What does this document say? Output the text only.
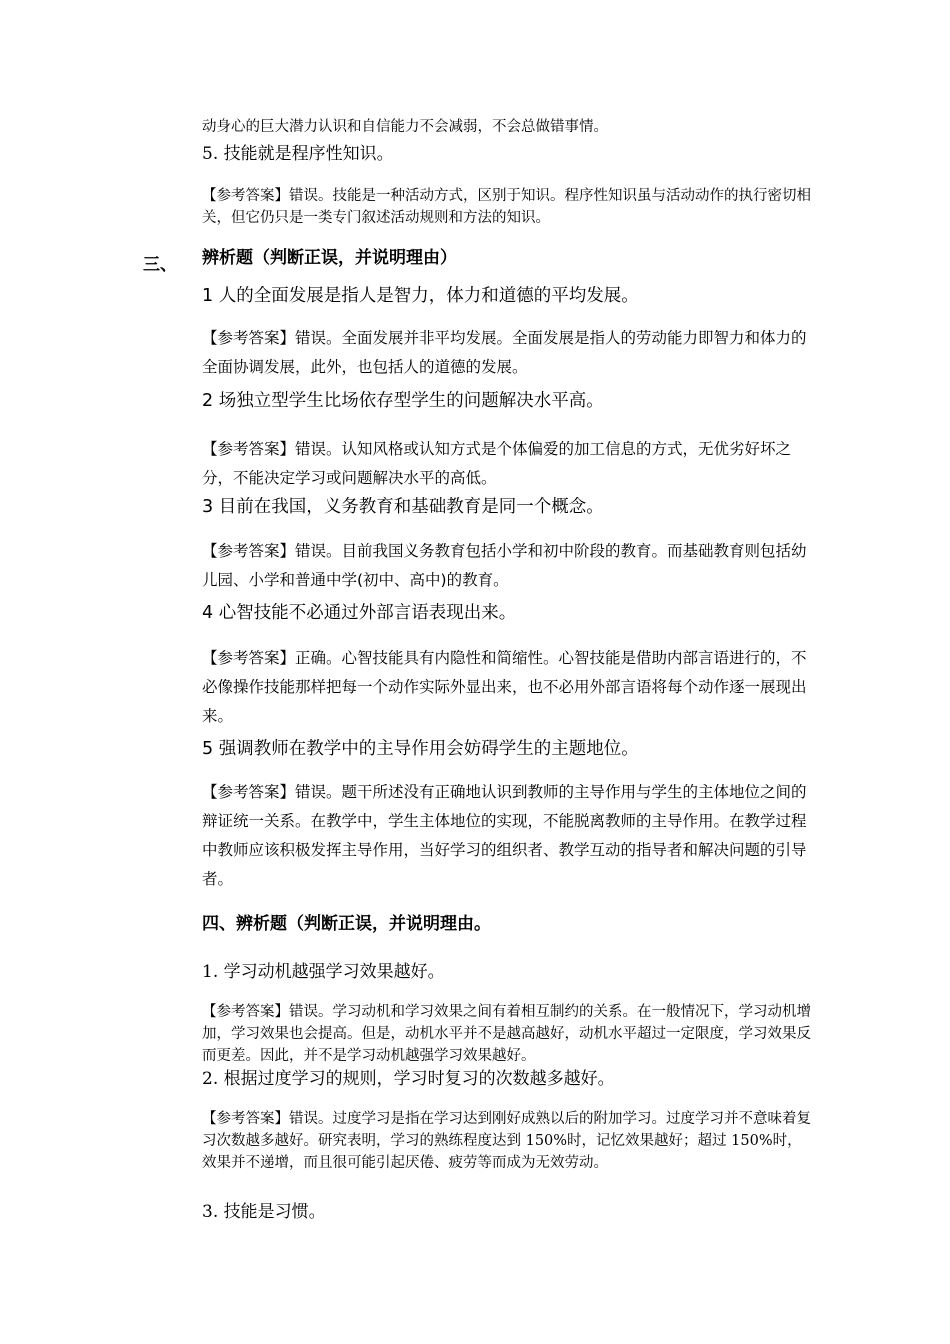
动身心的巨大潜力认识和自信能力不会减弱，不会总做错事情。

5. 技能就是程序性知识。

【参考答案】错误。技能是一种活动方式，区别于知识。程序性知识虽与活动动作的执行密切相关，但它仍只是一类专门叙述活动规则和方法的知识。

三、 辨析题（判断正误，并说明理由）

1 人的全面发展是指人是智力，体力和道德的平均发展。

【参考答案】错误。全面发展并非平均发展。全面发展是指人的劳动能力即智力和体力的全面协调发展，此外，也包括人的道德的发展。

2 场独立型学生比场依存型学生的问题解决水平高。

【参考答案】错误。认知风格或认知方式是个体偏爱的加工信息的方式，无优劣好坏之分，不能决定学习或问题解决水平的高低。

3 目前在我国，义务教育和基础教育是同一个概念。

【参考答案】错误。目前我国义务教育包括小学和初中阶段的教育。而基础教育则包括幼儿园、小学和普通中学(初中、高中)的教育。

4 心智技能不必通过外部言语表现出来。

【参考答案】正确。心智技能具有内隐性和简缩性。心智技能是借助内部言语进行的，不必像操作技能那样把每一个动作实际外显出来，也不必用外部言语将每个动作逐一展现出来。

5 强调教师在教学中的主导作用会妨碍学生的主题地位。

【参考答案】错误。题干所述没有正确地认识到教师的主导作用与学生的主体地位之间的辩证统一关系。在教学中，学生主体地位的实现，不能脱离教师的主导作用。在教学过程中教师应该积极发挥主导作用，当好学习的组织者、教学互动的指导者和解决问题的引导者。

四、辨析题（判断正误，并说明理由。

1. 学习动机越强学习效果越好。

【参考答案】错误。学习动机和学习效果之间有着相互制约的关系。在一般情况下，学习动机增加，学习效果也会提高。但是，动机水平并不是越高越好，动机水平超过一定限度，学习效果反而更差。因此，并不是学习动机越强学习效果越好。

2. 根据过度学习的规则，学习时复习的次数越多越好。

【参考答案】错误。过度学习是指在学习达到刚好成熟以后的附加学习。过度学习并不意味着复习次数越多越好。研究表明，学习的熟练程度达到 150%时，记忆效果越好；超过 150%时，效果并不递增，而且很可能引起厌倦、疲劳等而成为无效劳动。

3. 技能是习惯。
